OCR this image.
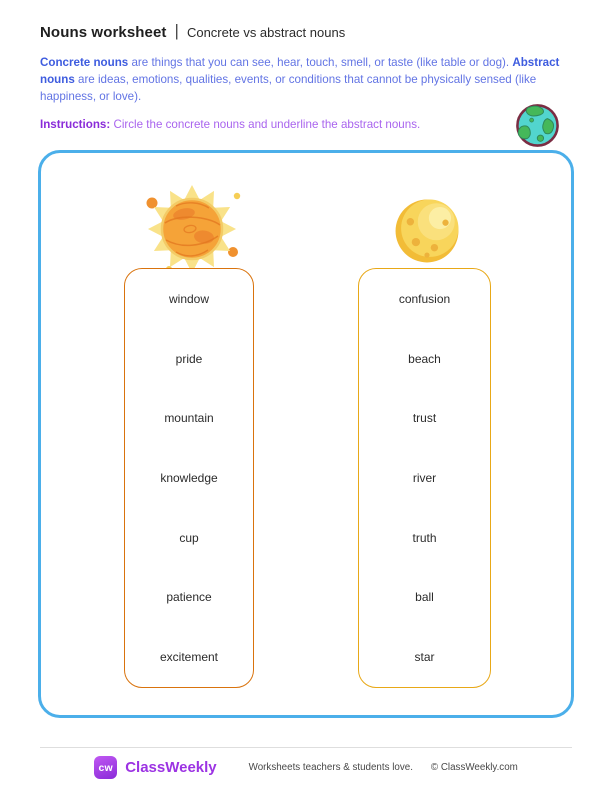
Nouns worksheet | Concrete vs abstract nouns
Concrete nouns are things that you can see, hear, touch, smell, or taste (like table or dog). Abstract nouns are ideas, emotions, qualities, events, or conditions that cannot be physically sensed (like happiness, or love).
Instructions: Circle the concrete nouns and underline the abstract nouns.
window
pride
mountain
knowledge
cup
patience
excitement
confusion
beach
trust
river
truth
ball
star
cw ClassWeekly	Worksheets teachers & students love. © ClassWeekly.com
